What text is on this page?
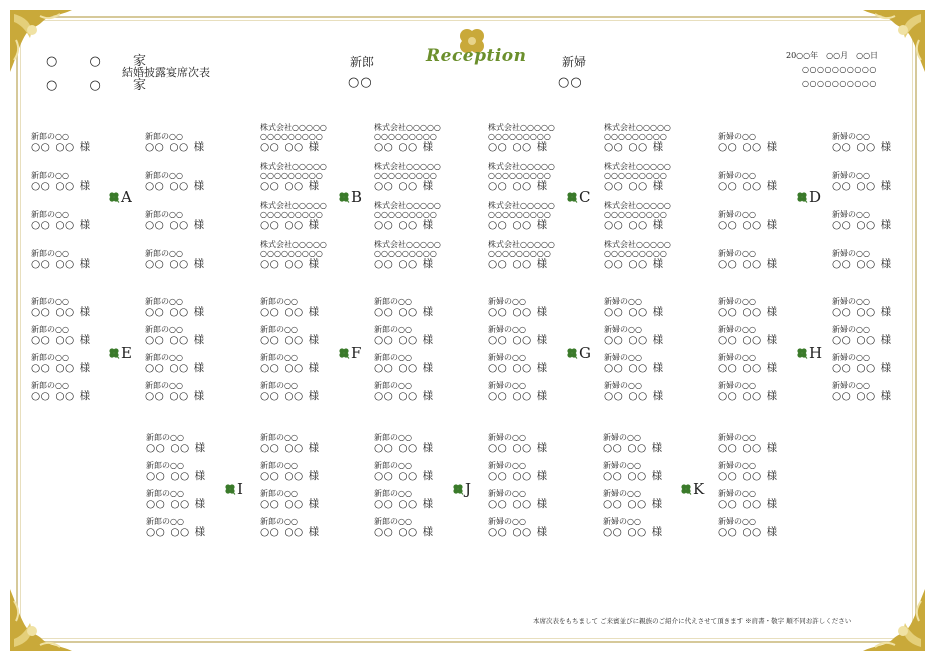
○ ○ 家
○ ○ 家
結婚披露宴席次表
新郎
○○
Reception	新婦
○○
20○○年　○○月　○○日
○○○○○○○○○○
○○○○○○○○○○
新郎の○○
○○ ○○ 様
新郎の○○
○○ ○○ 様
新郎の○○
○○ ○○ 様
新郎の○○
○○ ○○ 様
新郎の○○
○○ ○○ 様
新郎の○○
○○ ○○ 様
新郎の○○
○○ ○○ 様
新郎の○○
○○ ○○ 様
A
株式会社○○○○○
○○○○○○○○○
○○ ○○ 様
株式会社○○○○○
○○○○○○○○○
○○ ○○ 様
株式会社○○○○○
○○○○○○○○○
○○ ○○ 様
株式会社○○○○○
○○○○○○○○○
○○ ○○ 様
株式会社○○○○○
○○○○○○○○○
○○ ○○ 様
株式会社○○○○○
○○○○○○○○○
○○ ○○ 様
株式会社○○○○○
○○○○○○○○○
○○ ○○ 様
株式会社○○○○○
○○○○○○○○○
○○ ○○ 様
B
株式会社○○○○○
○○○○○○○○○
○○ ○○ 様
株式会社○○○○○
○○○○○○○○○
○○ ○○ 様
株式会社○○○○○
○○○○○○○○○
○○ ○○ 様
株式会社○○○○○
○○○○○○○○○
○○ ○○ 様
株式会社○○○○○
○○○○○○○○○
○○ ○○ 様
株式会社○○○○○
○○○○○○○○○
○○ ○○ 様
株式会社○○○○○
○○○○○○○○○
○○ ○○ 様
株式会社○○○○○
○○○○○○○○○
○○ ○○ 様
C
新婦の○○
○○ ○○ 様
新婦の○○
○○ ○○ 様
新婦の○○
○○ ○○ 様
新婦の○○
○○ ○○ 様
新婦の○○
○○ ○○ 様
新婦の○○
○○ ○○ 様
新婦の○○
○○ ○○ 様
新婦の○○
○○ ○○ 様
D
新郎の○○
○○ ○○ 様
新郎の○○
○○ ○○ 様
新郎の○○
○○ ○○ 様
新郎の○○
○○ ○○ 様
新郎の○○
○○ ○○ 様
新郎の○○
○○ ○○ 様
新郎の○○
○○ ○○ 様
新郎の○○
○○ ○○ 様
E
新郎の○○
○○ ○○ 様
新郎の○○
○○ ○○ 様
新郎の○○
○○ ○○ 様
新郎の○○
○○ ○○ 様
新郎の○○
○○ ○○ 様
新郎の○○
○○ ○○ 様
新郎の○○
○○ ○○ 様
新郎の○○
○○ ○○ 様
F
新婦の○○
○○ ○○ 様
新婦の○○
○○ ○○ 様
新婦の○○
○○ ○○ 様
新婦の○○
○○ ○○ 様
新婦の○○
○○ ○○ 様
新婦の○○
○○ ○○ 様
新婦の○○
○○ ○○ 様
新婦の○○
○○ ○○ 様
G
新婦の○○
○○ ○○ 様
新婦の○○
○○ ○○ 様
新婦の○○
○○ ○○ 様
新婦の○○
○○ ○○ 様
新婦の○○
○○ ○○ 様
新婦の○○
○○ ○○ 様
新婦の○○
○○ ○○ 様
新婦の○○
○○ ○○ 様
H
新郎の○○
○○ ○○ 様
新郎の○○
○○ ○○ 様
新郎の○○
○○ ○○ 様
新郎の○○
○○ ○○ 様
新郎の○○
○○ ○○ 様
新郎の○○
○○ ○○ 様
新郎の○○
○○ ○○ 様
新郎の○○
○○ ○○ 様
I
新郎の○○
○○ ○○ 様
新郎の○○
○○ ○○ 様
新郎の○○
○○ ○○ 様
新郎の○○
○○ ○○ 様
新婦の○○
○○ ○○ 様
新婦の○○
○○ ○○ 様
新婦の○○
○○ ○○ 様
新婦の○○
○○ ○○ 様
J
新婦の○○
○○ ○○ 様
新婦の○○
○○ ○○ 様
新婦の○○
○○ ○○ 様
新婦の○○
○○ ○○ 様
新婦の○○
○○ ○○ 様
新婦の○○
○○ ○○ 様
新婦の○○
○○ ○○ 様
新婦の○○
○○ ○○ 様
K
本席次表をもちまして ご来賓並びに親族のご紹介に代えさせて頂きます ※肩書・敬字 順不同お許しください
